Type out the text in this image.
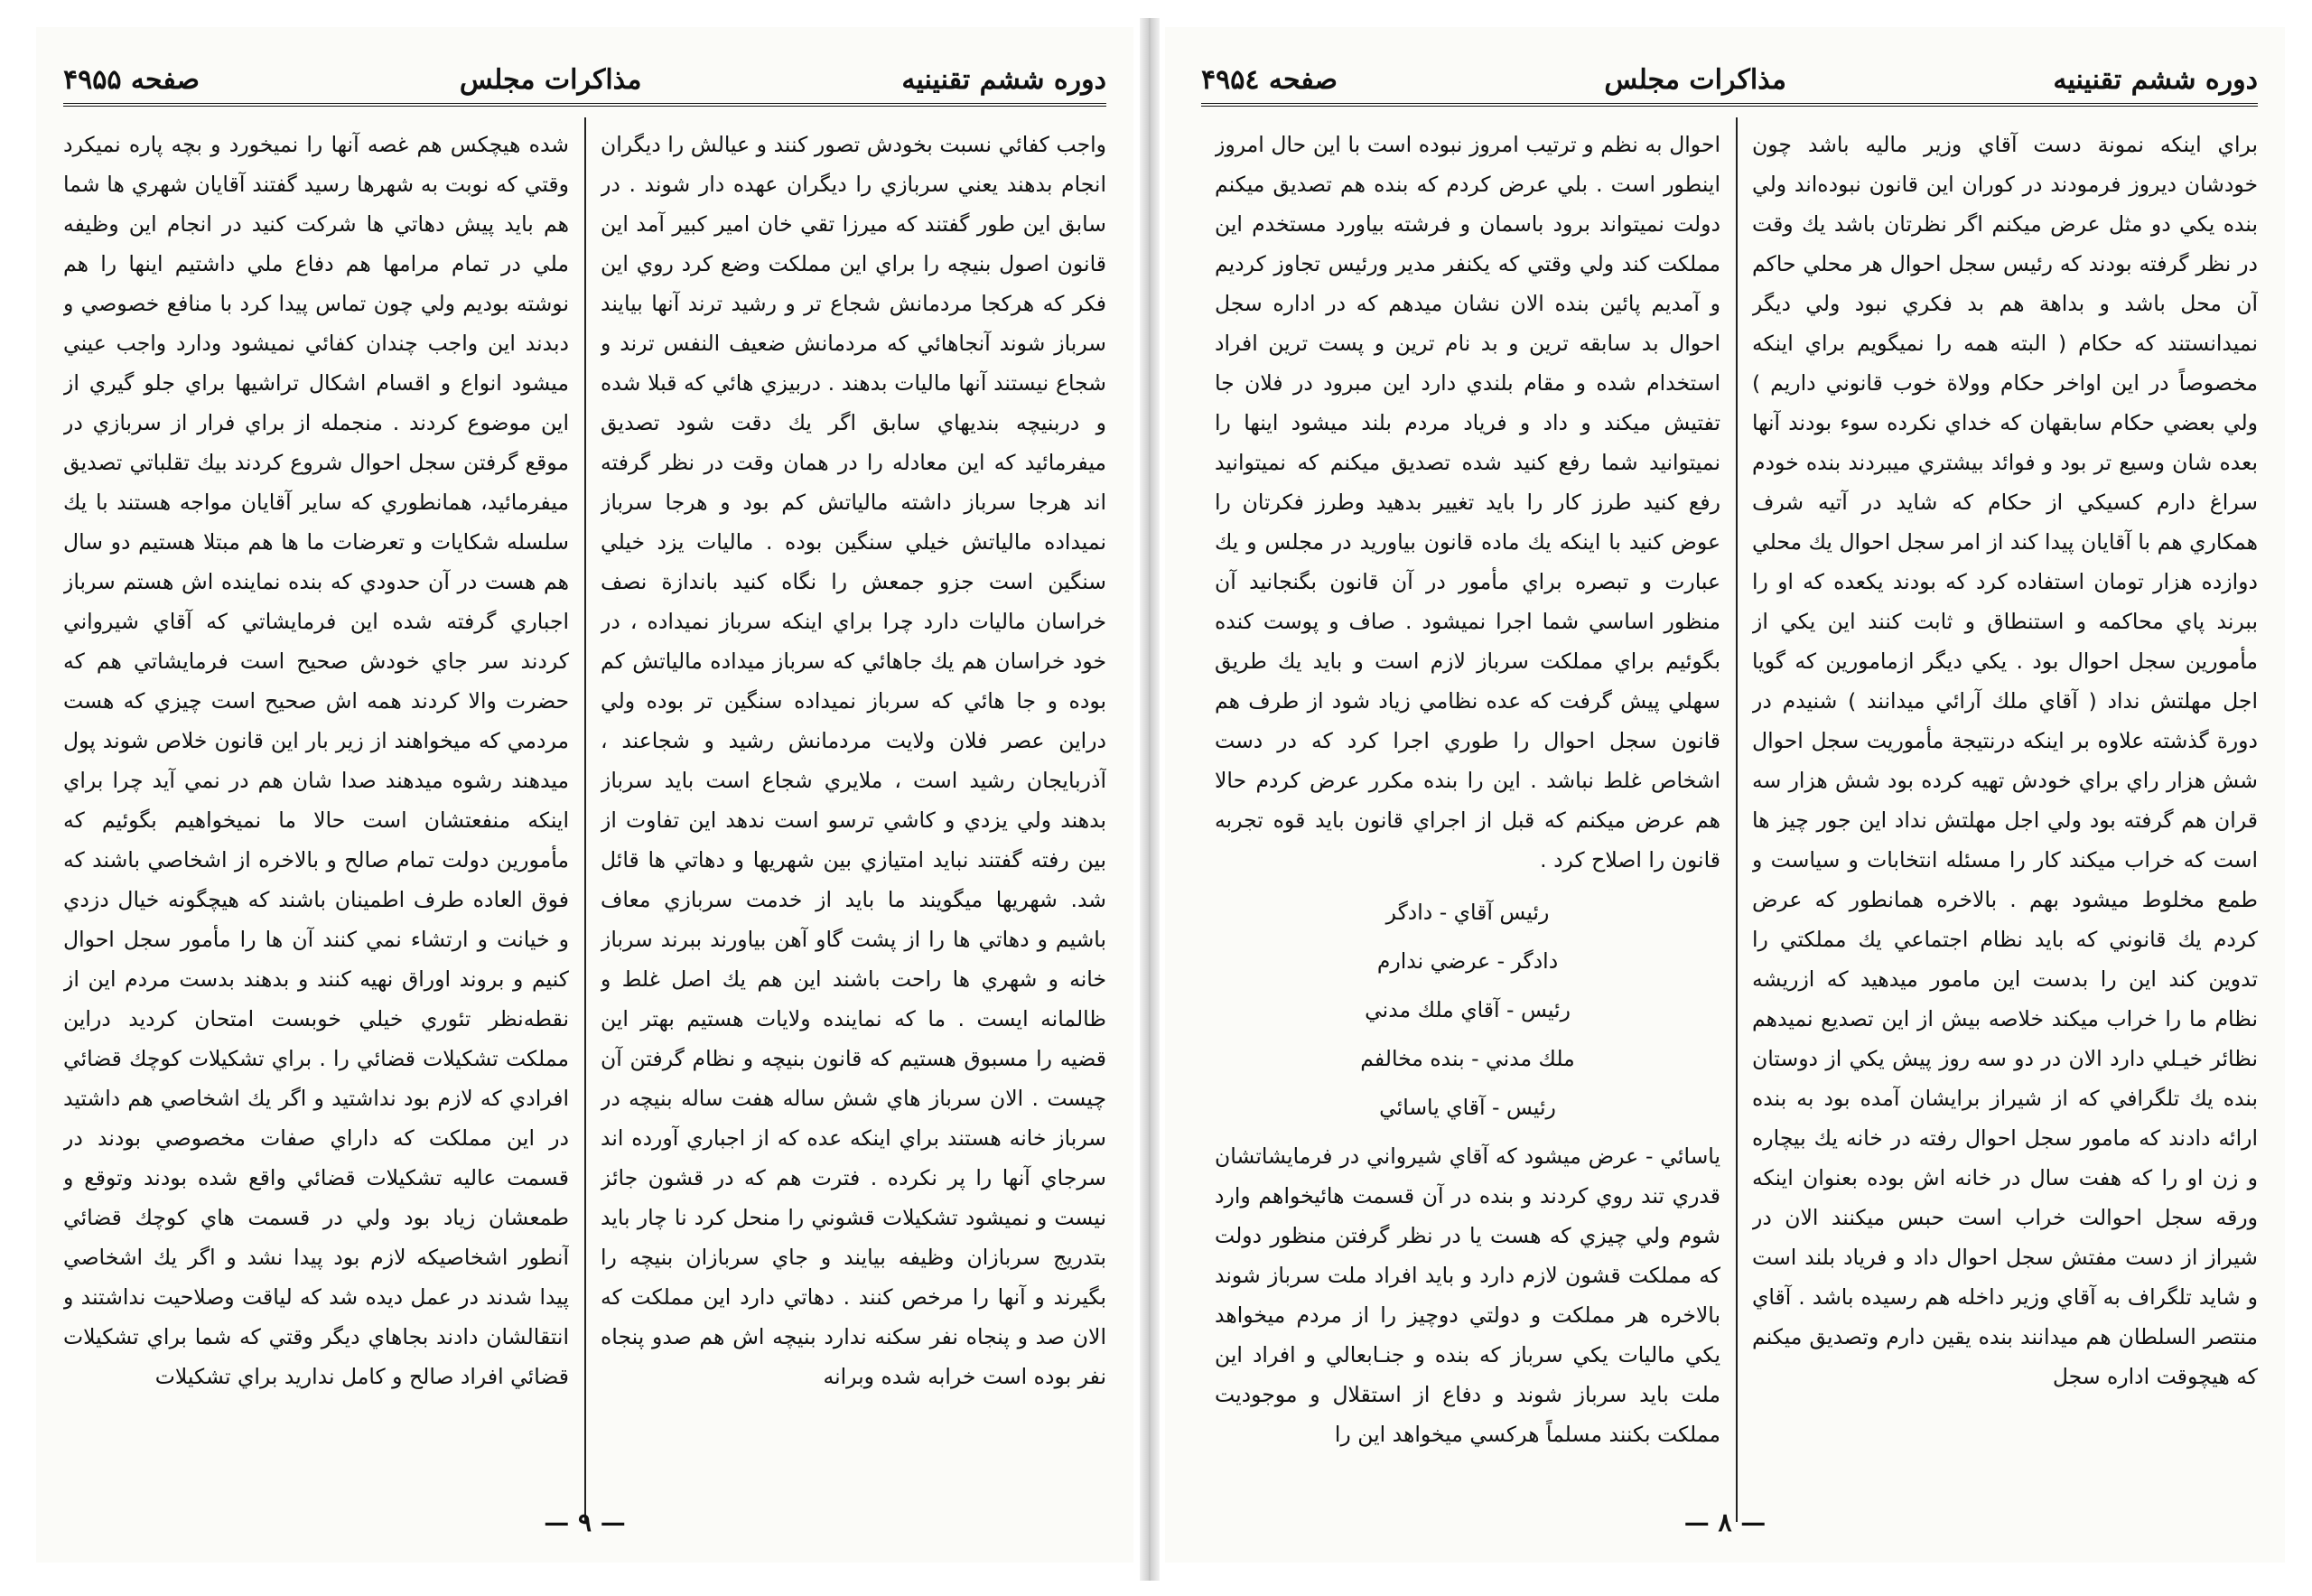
دوره ششم تقنينيه
مذاكرات مجلس
صفحه ۴۹۵۵

واجب كفائي نسبت بخودش تصور كنند و عيالش را ديگران انجام بدهند يعني سربازي را ديگران عهده دار شوند . در سابق اين طور گفتند كه ميرزا تقي خان امير كبير آمد اين قانون اصول بنيچه را براي اين مملكت وضع كرد روي اين فكر كه هركجا مردمانش شجاع تر و رشيد ترند آنها بيايند سرباز شوند آنجاهائي كه مردمانش ضعيف النفس ترند و شجاع نيستند آنها ماليات بدهند . دربيزي هائي كه قبلا شده و دربنيچه بنديهاي سابق اگر يك دقت شود تصديق ميفرمائيد كه اين معادله را در همان وقت در نظر گرفته اند هرجا سرباز داشته مالياتش كم بود و هرجا سرباز نميداده مالياتش خيلي سنگين بوده . ماليات يزد خيلي سنگين است جزو جمعش را نگاه كنيد باندازة نصف خراسان ماليات دارد چرا براي اينكه سرباز نميداده ، در خود خراسان هم يك جاهائي كه سرباز ميداده مالياتش كم بوده و جا هائي كه سرباز نميداده سنگين تر بوده ولي دراين عصر فلان ولايت مردمانش رشيد و شجاعند ، آذربايجان رشيد است ، ملايري شجاع است بايد سرباز بدهند ولي يزدي و كاشي ترسو است ندهد اين تفاوت از بين رفته گفتند نبايد امتيازي بين شهريها و دهاتي ها قائل شد. شهريها ميگويند ما بايد از خدمت سربازي معاف باشيم و دهاتي ها را از پشت گاو آهن بياورند ببرند سرباز خانه و شهري ها راحت باشند اين هم يك اصل غلط و ظالمانه ايست . ما كه نماينده ولايات هستيم بهتر اين قضيه را مسبوق هستيم كه قانون بنيچه و نظام گرفتن آن چيست . الان سرباز هاي شش ساله هفت ساله بنيچه در سرباز خانه هستند براي اينكه عده كه از اجباري آورده اند سرجاي آنها را پر نكرده . فترت هم كه در قشون جائز نيست و نميشود تشكيلات قشوني را منحل كرد نا چار بايد بتدريج سربازان وظيفه بيايند و جاي سربازان بنيچه را بگيرند و آنها را مرخص كنند . دهاتي دارد اين مملكت كه الان صد و پنجاه نفر سكنه ندارد بنيچه اش هم صدو پنجاه نفر بوده است خرابه شده وبرانه

شده هيچكس هم غصه آنها را نميخورد و بچه پاره نميكرد وقتي كه نوبت به شهرها رسيد گفتند آقايان شهري ها شما هم بايد پيش دهاتي ها شركت كنيد در انجام اين وظيفه ملي در تمام مرامها هم دفاع ملي داشتيم اينها را هم نوشته بوديم ولي چون تماس پيدا كرد با منافع خصوصي و دبدند اين واجب چندان كفائي نميشود ودارد واجب عيني ميشود انواع و اقسام اشكال تراشيها براي جلو گيري از اين موضوع كردند . منجمله از براي فرار از سربازي در موقع گرفتن سجل احوال شروع كردند بيك تقلباتي تصديق ميفرمائيد، همانطوري كه ساير آقايان مواجه هستند با يك سلسله شكايات و تعرضات ما ها هم مبتلا هستيم دو سال هم هست در آن حدودي كه بنده نماينده اش هستم سرباز اجباري گرفته شده اين فرمايشاتي كه آقاي شيرواني كردند سر جاي خودش صحيح است فرمايشاتي هم كه حضرت والا كردند همه اش صحيح است چيزي كه هست مردمي كه ميخواهند از زير بار اين قانون خلاص شوند پول ميدهند رشوه ميدهند صدا شان هم در نمي آيد چرا براي اينكه منفعتشان است حالا ما نميخواهيم بگوئيم كه مأمورين دولت تمام صالح و بالاخره از اشخاصي باشند كه فوق العاده طرف اطمينان باشند كه هيچگونه خيال دزدي و خيانت و ارتشاء نمي كنند آن ها را مأمور سجل احوال كنيم و بروند اوراق نهيه كنند و بدهند بدست مردم اين از نقطه‌نظر تئوري خيلي خوبست امتحان كرديد دراين مملكت تشكيلات قضائي را . براي تشكيلات كوچك قضائي افرادي كه لازم بود نداشتيد و اگر يك اشخاصي هم داشتيد در اين مملكت كه داراي صفات مخصوصي بودند در قسمت عاليه تشكيلات قضائي واقع شده بودند وتوقع و طمعشان زياد بود ولي در قسمت هاي كوچك قضائي آنطور اشخاصيكه لازم بود پيدا نشد و اگر يك اشخاصي پيدا شدند در عمل ديده شد كه لياقت وصلاحيت نداشتند و انتقالشان دادند بجاهاي ديگر وقتي كه شما براي تشكيلات قضائي افراد صالح و كامل نداريد براي تشكيلات

— ۹ —
دوره ششم تقنينيه
مذاكرات مجلس
صفحه ۴۹۵٤

براي اينكه نمونة دست آقاي وزير ماليه باشد چون خودشان ديروز فرمودند در كوران اين قانون نبوده‌اند ولي بنده يكي دو مثل عرض ميكنم اگر نظرتان باشد يك وقت در نظر گرفته بودند كه رئيس سجل احوال هر محلي حاكم آن محل باشد و بداهة هم بد فكري نبود ولي ديگر نميدانستند كه حكام ( البته همه را نميگويم براي اينكه مخصوصاً در اين اواخر حكام وولاة خوب قانوني داريم ) ولي بعضي حكام سابقهان كه خداي نكرده سوء بودند آنها بعده شان وسيع تر بود و فوائد بيشتري ميبردند بنده خودم سراغ دارم كسيكي از حكام كه شايد در آتيه شرف همكاري هم با آقايان پيدا كند از امر سجل احوال يك محلي دوازده هزار تومان استفاده كرد كه بودند يكعده كه او را ببرند پاي محاكمه و استنطاق و ثابت كنند اين يكي از مأمورين سجل احوال بود . يكي ديگر ازمامورين كه گويا اجل مهلتش نداد ( آقاي ملك آرائي ميدانند ) شنيدم در دورة گذشته علاوه بر اينكه درنتيجة مأموريت سجل احوال شش هزار راي براي خودش تهيه كرده بود شش هزار سه قران هم گرفته بود ولي اجل مهلتش نداد اين جور چيز ها است كه خراب ميكند كار را مسئله انتخابات و سياست و طمع مخلوط ميشود بهم . بالاخره همانطور كه عرض كردم يك قانوني كه بايد نظام اجتماعي يك مملكتي را تدوين كند اين را بدست اين مامور ميدهيد كه ازريشه نظام ما را خراب ميكند خلاصه بيش از اين تصديع نميدهم نظائر خيـلي دارد الان در دو سه روز پيش يكي از دوستان بنده يك تلگرافي كه از شيراز برايشان آمده بود به بنده ارائه دادند كه مامور سجل احوال رفته در خانه يك بيچاره و زن او را كه هفت سال در خانه اش بوده بعنوان اينكه ورقه سجل احوالت خراب است حبس ميكنند الان در شيراز از دست مفتش سجل احوال داد و فرياد بلند است و شايد تلگراف به آقاي وزير داخله هم رسيده باشد . آقاي منتصر السلطان هم ميدانند بنده يقين دارم وتصديق ميكنم كه هيچوقت اداره سجل

احوال به نظم و ترتيب امروز نبوده است با اين حال امروز اينطور است . بلي عرض كردم كه بنده هم تصديق ميكنم دولت نميتواند برود باسمان و فرشته بياورد مستخدم اين مملكت كند ولي وقتي كه يكنفر مدير ورئيس تجاوز كرديم و آمديم پائين بنده الان نشان ميدهم كه در اداره سجل احوال بد سابقه ترين و بد نام ترين و پست ترين افراد استخدام شده و مقام بلندي دارد اين مبرود در فلان جا تفتيش ميكند و داد و فرياد مردم بلند ميشود اينها را نميتوانيد شما رفع كنيد شده تصديق ميكنم كه نميتوانيد رفع كنيد طرز كار را بايد تغيير بدهيد وطرز فكرتان را عوض كنيد با اينكه يك ماده قانون بياوريد در مجلس و يك عبارت و تبصره براي مأمور در آن قانون بگنجانيد آن منظور اساسي شما اجرا نميشود . صاف و پوست كنده بگوئيم براي مملكت سرباز لازم است و بايد يك طريق سهلي پيش گرفت كه عده نظامي زياد شود از طرف هم قانون سجل احوال را طوري اجرا كرد كه در دست اشخاص غلط نباشد . اين را بنده مكرر عرض كردم حالا هم عرض ميكنم كه قبل از اجراي قانون بايد قوه تجربه قانون را اصلاح كرد .

رئيس آقاي - دادگر

دادگر - عرضي ندارم

رئيس - آقاي ملك مدني

ملك مدني - بنده مخالفم

رئيس - آقاي ياسائي

ياسائي - عرض ميشود كه آقاي شيرواني در فرمايشاتشان قدري تند روي كردند و بنده در آن قسمت هائيخواهم وارد شوم ولي چيزي كه هست يا در نظر گرفتن منظور دولت كه مملكت قشون لازم دارد و بايد افراد ملت سرباز شوند بالاخره هر مملكت و دولتي دوچيز را از مردم ميخواهد يكي ماليات يكي سرباز كه بنده و جنـابعالي و افراد اين ملت بايد سرباز شوند و دفاع از استقلال و موجوديت مملكت بكنند مسلماً هركسي ميخواهد اين را

— ۸ —
